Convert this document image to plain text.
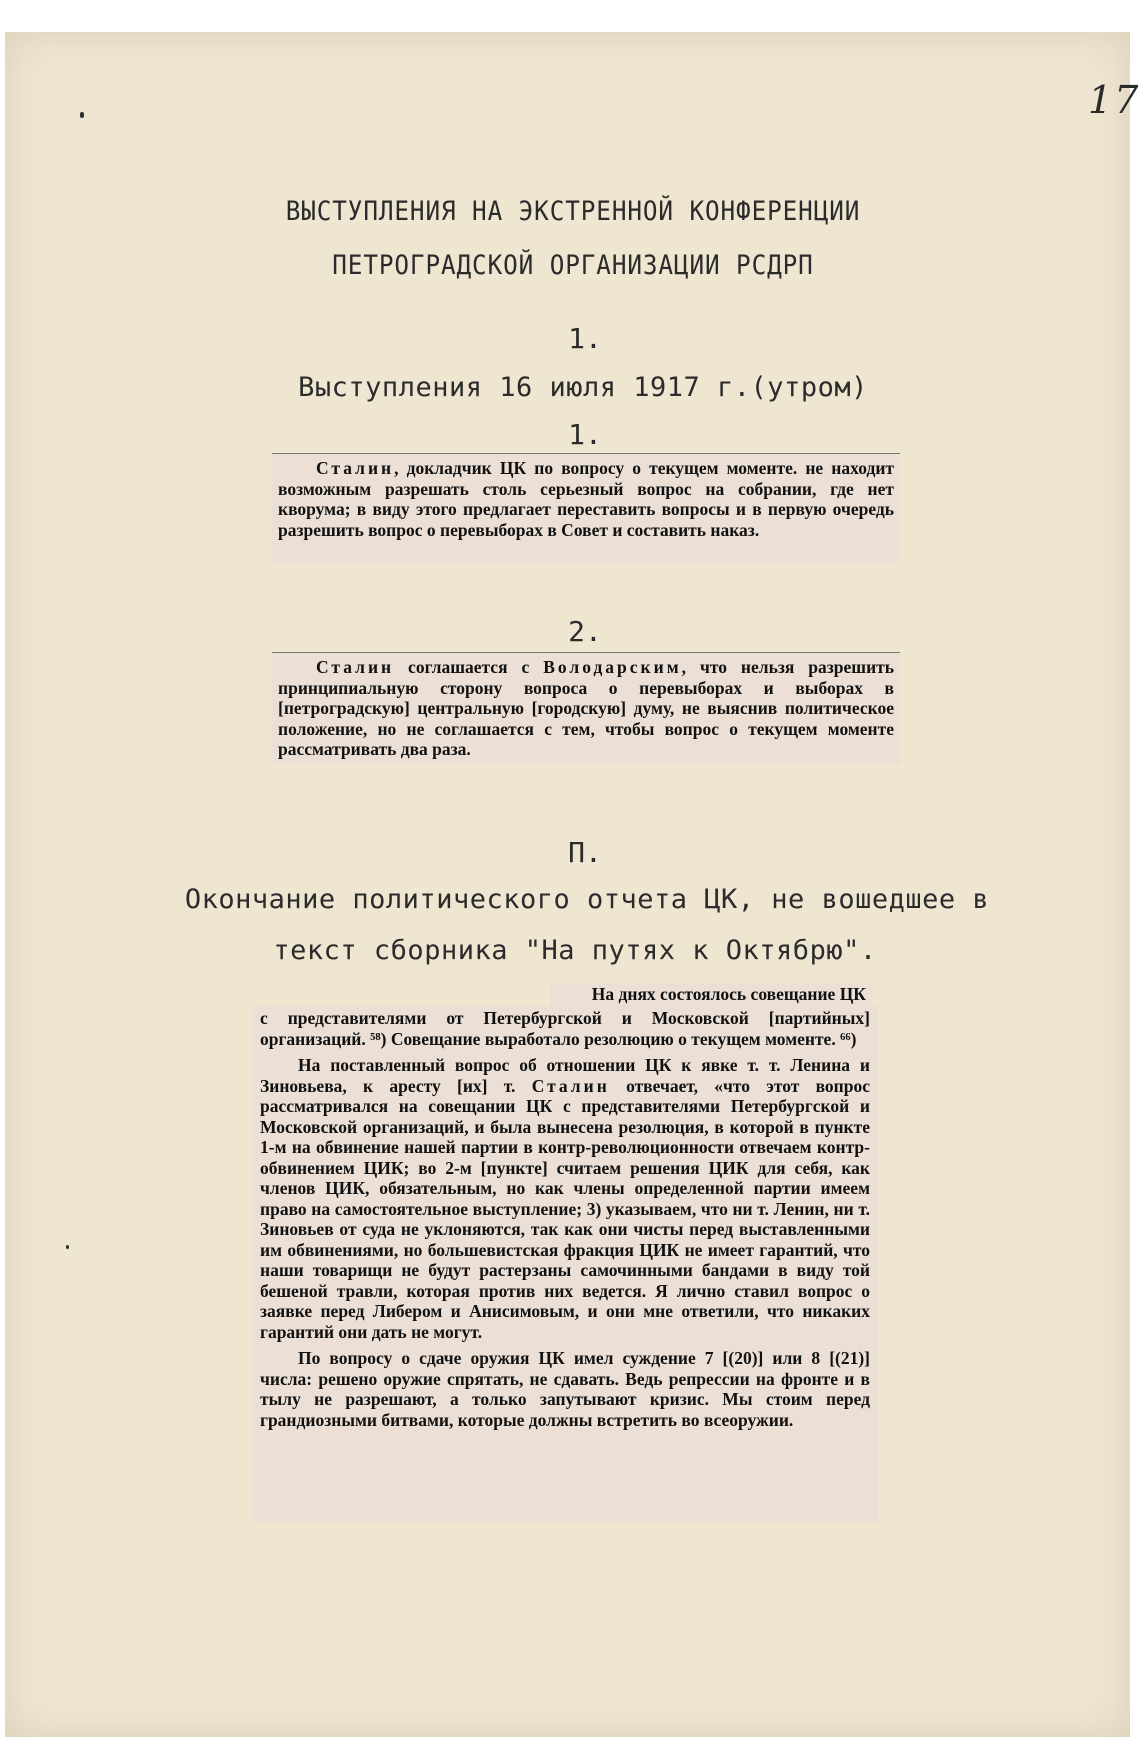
17
ВЫСТУПЛЕНИЯ НА ЭКСТРЕННОЙ КОНФЕРЕНЦИИ
ПЕТРОГРАДСКОЙ ОРГАНИЗАЦИИ РСДРП
1.
Выступления 16 июля 1917 г.(утром)
1.

Сталин, докладчик ЦК по вопросу о текущем моменте. не находит возможным разрешать столь серьезный вопрос на собрании, где нет кворума; в виду этого предлагает переставить вопросы и в первую очередь разрешить вопрос о перевыборах в Совет и составить наказ.

2.

Сталин соглашается с Володарским, что нельзя разрешить принципиальную сторону вопроса о перевыборах и выборах в [петроградскую] центральную [городскую] думу, не выяснив политическое положение, но не соглашается с тем, чтобы вопрос о текущем моменте рассматривать два раза.

П.
Окончание политического отчета ЦК, не вошедшее в
текст сборника "На путях к Октябрю".
На днях состоялось совещание ЦК

с представителями от Петербургской и Московской [партийных] организаций. ⁵⁸) Совещание выработало резолюцию о текущем моменте. ⁶⁶)

На поставленный вопрос об отношении ЦК к явке т. т. Ленина и Зиновьева, к аресту [их] т. Сталин отвечает, «что этот вопрос рассматривался на совещании ЦК с представителями Петербургской и Московской организаций, и была вынесена резолюция, в которой в пункте 1-м на обвинение нашей партии в контр-революционности отвечаем контр-обвинением ЦИК; во 2-м [пункте] считаем решения ЦИК для себя, как членов ЦИК, обязательным, но как члены определенной партии имеем право на самостоятельное выступление; 3) указываем, что ни т. Ленин, ни т. Зиновьев от суда не уклоняются, так как они чисты перед выставленными им обвинениями, но большевистская фракция ЦИК не имеет гарантий, что наши товарищи не будут растерзаны самочинными бандами в виду той бешеной травли, которая против них ведется. Я лично ставил вопрос о заявке перед Либером и Анисимовым, и они мне ответили, что никаких гарантий они дать не могут.

По вопросу о сдаче оружия ЦК имел суждение 7 [(20)] или 8 [(21)] числа: решено оружие спрятать, не сдавать. Ведь репрессии на фронте и в тылу не разрешают, а только запутывают кризис. Мы стоим перед грандиозными битвами, которые должны встретить во всеоружии.
